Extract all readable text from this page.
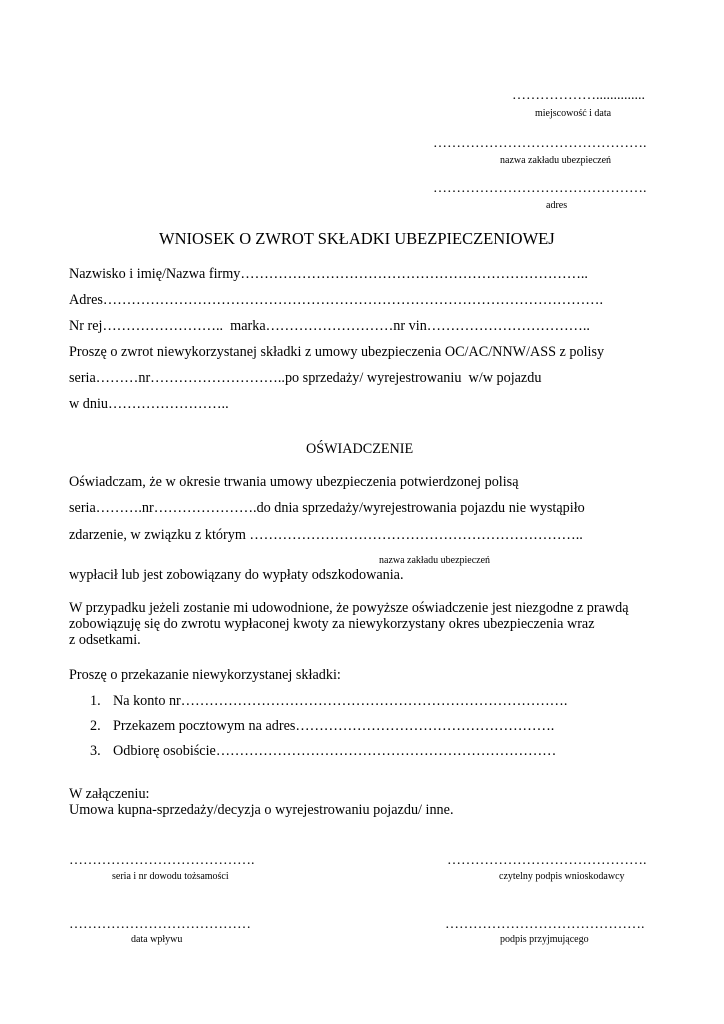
………………..............
miejscowość i data
……………………………………….
nazwa zakładu ubezpieczeń
……………………………………….
adres
WNIOSEK O ZWROT SKŁADKI UBEZPIECZENIOWEJ
Nazwisko i imię/Nazwa firmy………………………………………………………………..
Adres…………………………………………………………………………………………….
Nr rej……………………..  marka………………………nr vin……………………………..
Proszę o zwrot niewykorzystanej składki z umowy ubezpieczenia OC/AC/NNW/ASS z polisy
seria………nr………………………..po sprzedaży/ wyrejestrowaniu  w/w pojazdu
w dniu……………………..
OŚWIADCZENIE
Oświadczam, że w okresie trwania umowy ubezpieczenia potwierdzonej polisą
seria……….nr………………….do dnia sprzedaży/wyrejestrowania pojazdu nie wystąpiło
zdarzenie, w związku z którym ……………………………………………………………..
nazwa zakładu ubezpieczeń
wypłacił lub jest zobowiązany do wypłaty odszkodowania.
W przypadku jeżeli zostanie mi udowodnione, że powyższe oświadczenie jest niezgodne z prawdą
zobowiązuję się do zwrotu wypłaconej kwoty za niewykorzystany okres ubezpieczenia wraz
z odsetkami.
Proszę o przekazanie niewykorzystanej składki:
1. Na konto nr……………………………………………………………………….
2. Przekazem pocztowym na adres……………………………………………….
3. Odbiorę osobiście………………………………………………………………
W załączeniu:
Umowa kupna-sprzedaży/decyzja o wyrejestrowaniu pojazdu/ inne.
………………………………….
seria i nr dowodu tożsamości
…………………………………….
czytelny podpis wnioskodawcy
…………………………………
data wpływu
…………………………………….
podpis przyjmującego
